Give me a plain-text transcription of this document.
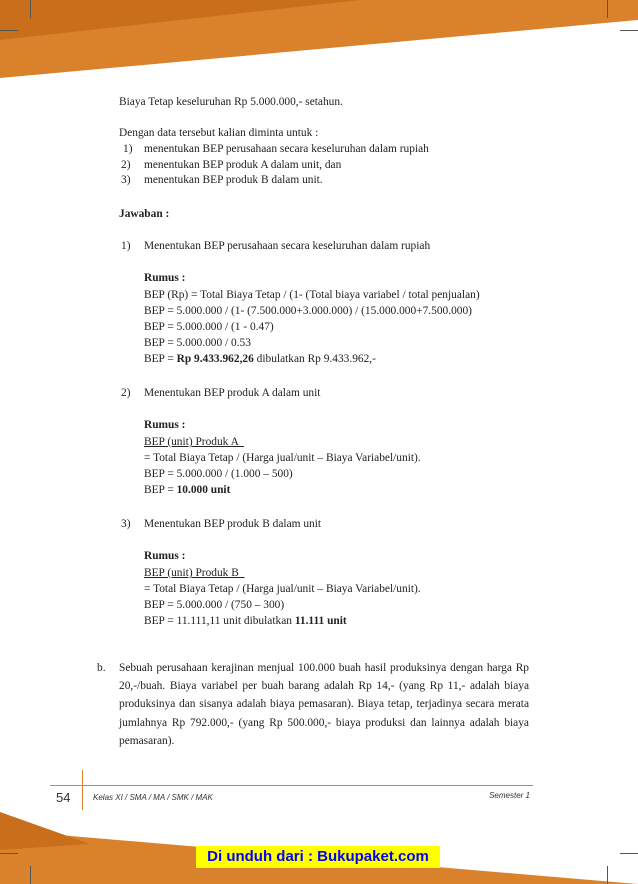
Biaya Tetap keseluruhan Rp 5.000.000,- setahun.
Dengan data tersebut kalian diminta untuk :
1) menentukan BEP perusahaan secara keseluruhan dalam rupiah
2) menentukan BEP produk A dalam unit, dan
3) menentukan BEP produk B dalam unit.
Jawaban :
1) Menentukan BEP perusahaan secara keseluruhan dalam rupiah
Rumus :
BEP (Rp) = Total Biaya Tetap / (1- (Total biaya variabel / total penjualan)
BEP = 5.000.000 / (1- (7.500.000+3.000.000) / (15.000.000+7.500.000)
BEP = 5.000.000 / (1 - 0.47)
BEP = 5.000.000 / 0.53
BEP = Rp 9.433.962,26 dibulatkan Rp 9.433.962,-
2) Menentukan BEP produk A dalam unit
Rumus :
BEP (unit) Produk A
= Total Biaya Tetap / (Harga jual/unit – Biaya Variabel/unit).
BEP = 5.000.000 / (1.000 – 500)
BEP = 10.000 unit
3) Menentukan BEP produk B dalam unit
Rumus :
BEP (unit) Produk B
= Total Biaya Tetap / (Harga jual/unit – Biaya Variabel/unit).
BEP = 5.000.000 / (750 – 300)
BEP = 11.111,11 unit dibulatkan 11.111 unit
b. Sebuah perusahaan kerajinan menjual 100.000 buah hasil produksinya dengan harga Rp 20,-/buah. Biaya variabel per buah barang adalah Rp 14,- (yang Rp 11,- adalah biaya produksinya dan sisanya adalah biaya pemasaran). Biaya tetap, terjadinya secara merata jumlahnya Rp 792.000,- (yang Rp 500.000,- biaya produksi dan lainnya adalah biaya pemasaran).
54	Kelas XI / SMA / MA / SMK / MAK	Semester 1
Di unduh dari : Bukupaket.com
